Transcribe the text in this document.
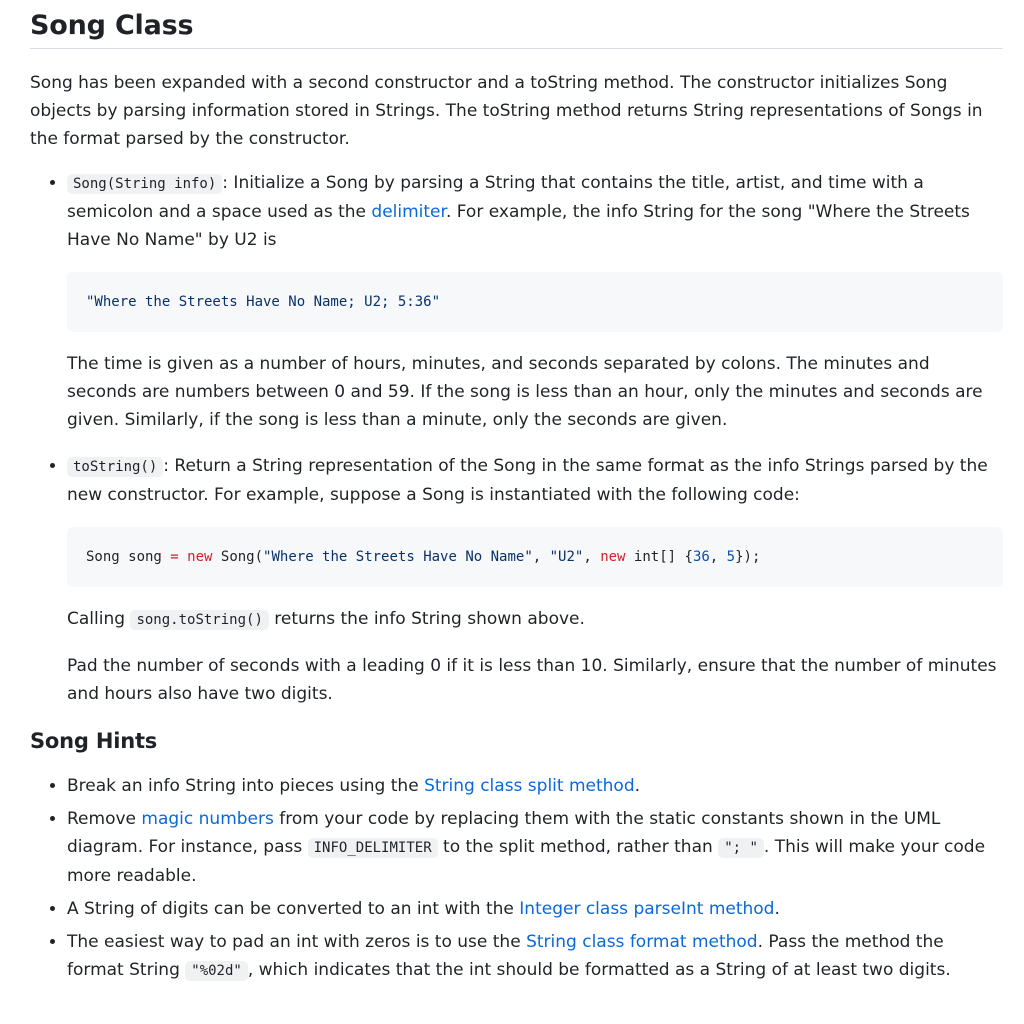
Song Class

Song has been expanded with a second constructor and a toString method. The constructor initializes Song objects by parsing information stored in Strings. The toString method returns String representations of Songs in the format parsed by the constructor.

• Song(String info) : Initialize a Song by parsing a String that contains the title, artist, and time with a semicolon and a space used as the delimiter. For example, the info String for the song "Where the Streets Have No Name" by U2 is
"Where the Streets Have No Name; U2; 5:36"

The time is given as a number of hours, minutes, and seconds separated by colons. The minutes and seconds are numbers between 0 and 59. If the song is less than an hour, only the minutes and seconds are given. Similarly, if the song is less than a minute, only the seconds are given.

• toString() : Return a String representation of the Song in the same format as the info Strings parsed by the new constructor. For example, suppose a Song is instantiated with the following code:
Song song = new Song("Where the Streets Have No Name", "U2", new int[] {36, 5});

Calling song.toString() returns the info String shown above.

Pad the number of seconds with a leading 0 if it is less than 10. Similarly, ensure that the number of minutes and hours also have two digits.

Song Hints
• Break an info String into pieces using the String class split method.
• Remove magic numbers from your code by replacing them with the static constants shown in the UML diagram. For instance, pass INFO_DELIMITER to the split method, rather than "; " . This will make your code more readable.
• A String of digits can be converted to an int with the Integer class parseInt method.
• The easiest way to pad an int with zeros is to use the String class format method. Pass the method the format String "%02d" , which indicates that the int should be formatted as a String of at least two digits.
